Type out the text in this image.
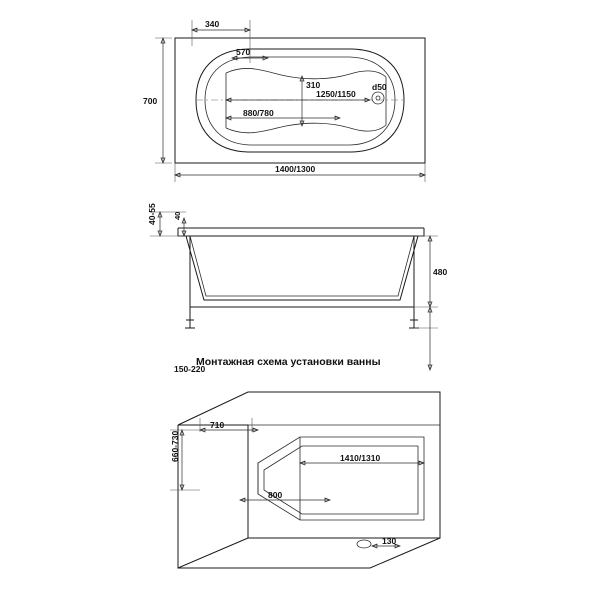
340
570
700
310
1250/1150
d50
880/780
1400/1300
40-55 40
480
150-220
Монтажная схема установки ванны
710
660-730	1410/1310
800
130
